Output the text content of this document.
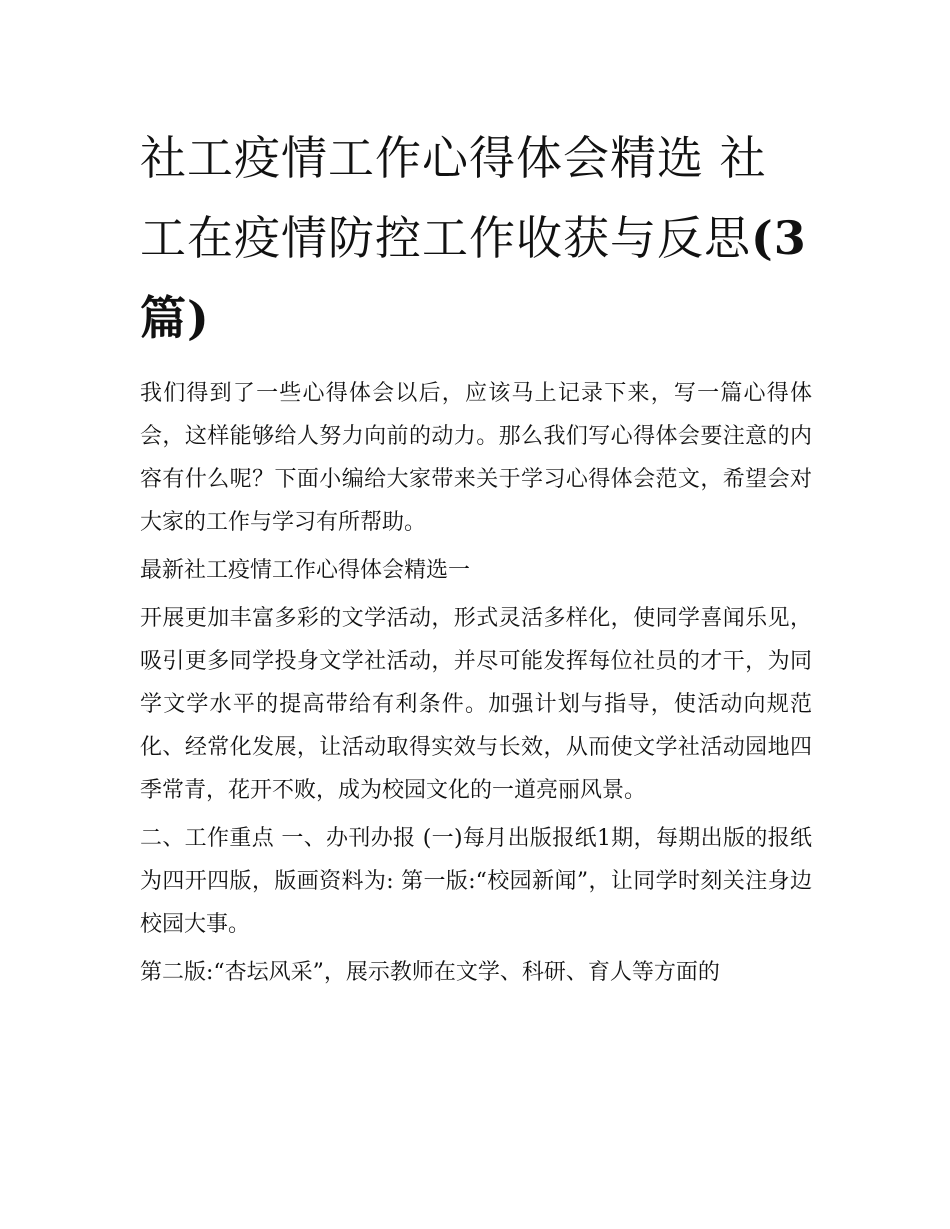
社工疫情工作心得体会精选 社工在疫情防控工作收获与反思(3篇)

我们得到了一些心得体会以后，应该马上记录下来，写一篇心得体会，这样能够给人努力向前的动力。那么我们写心得体会要注意的内容有什么呢？下面小编给大家带来关于学习心得体会范文，希望会对大家的工作与学习有所帮助。

最新社工疫情工作心得体会精选一

开展更加丰富多彩的文学活动，形式灵活多样化，使同学喜闻乐见，吸引更多同学投身文学社活动，并尽可能发挥每位社员的才干，为同学文学水平的提高带给有利条件。加强计划与指导，使活动向规范化、经常化发展，让活动取得实效与长效，从而使文学社活动园地四季常青，花开不败，成为校园文化的一道亮丽风景。

二、工作重点 一、办刊办报 (一)每月出版报纸1期，每期出版的报纸为四开四版，版画资料为: 第一版:“校园新闻”，让同学时刻关注身边校园大事。

第二版:“杏坛风采”，展示教师在文学、科研、育人等方面的
